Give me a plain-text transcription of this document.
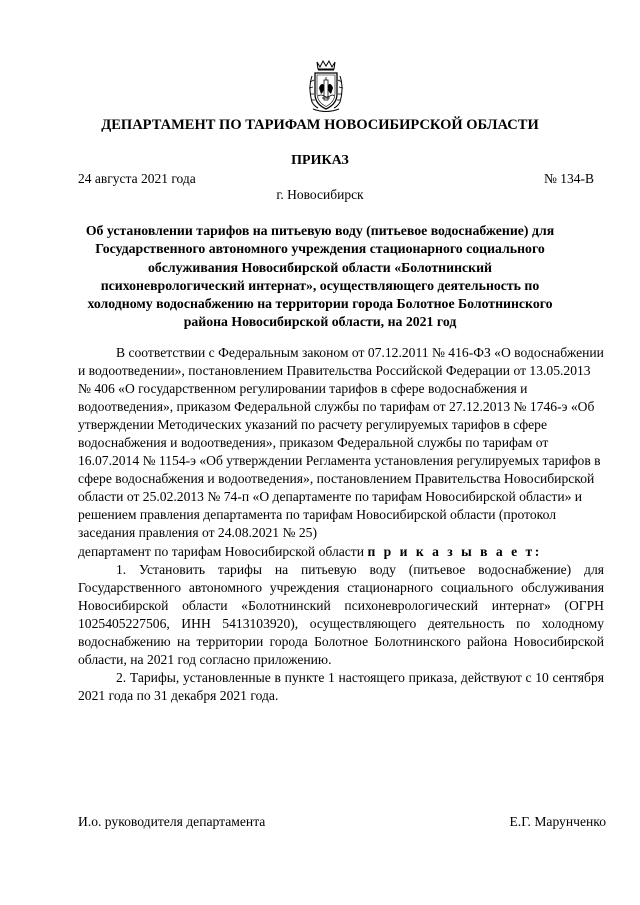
ДЕПАРТАМЕНТ ПО ТАРИФАМ НОВОСИБИРСКОЙ ОБЛАСТИ
ПРИКАЗ
24 августа 2021 года	№ 134-В
г. Новосибирск
Об установлении тарифов на питьевую воду (питьевое водоснабжение) для Государственного автономного учреждения стационарного социального обслуживания Новосибирской области «Болотнинский психоневрологический интернат», осуществляющего деятельность по холодному водоснабжению на территории города Болотное Болотнинского района Новосибирской области, на 2021 год

В соответствии с Федеральным законом от 07.12.2011 № 416-ФЗ «О водоснабжении и водоотведении», постановлением Правительства Российской Федерации от 13.05.2013 № 406 «О государственном регулировании тарифов в сфере водоснабжения и водоотведения», приказом Федеральной службы по тарифам от 27.12.2013 № 1746-э «Об утверждении Методических указаний по расчету регулируемых тарифов в сфере водоснабжения и водоотведения», приказом Федеральной службы по тарифам от 16.07.2014 № 1154-э «Об утверждении Регламента установления регулируемых тарифов в сфере водоснабжения и водоотведения», постановлением Правительства Новосибирской области от 25.02.2013 № 74-п «О департаменте по тарифам Новосибирской области» и решением правления департамента по тарифам Новосибирской области (протокол заседания правления от 24.08.2021 № 25)

департамент по тарифам Новосибирской области п р и к а з ы в а е т:

1. Установить тарифы на питьевую воду (питьевое водоснабжение) для Государственного автономного учреждения стационарного социального обслуживания Новосибирской области «Болотнинский психоневрологический интернат» (ОГРН 1025405227506, ИНН 5413103920), осуществляющего деятельность по холодному водоснабжению на территории города Болотное Болотнинского района Новосибирской области, на 2021 год согласно приложению.

2. Тарифы, установленные в пункте 1 настоящего приказа, действуют с 10 сентября 2021 года по 31 декабря 2021 года.

И.о. руководителя департамента	Е.Г. Марунченко
